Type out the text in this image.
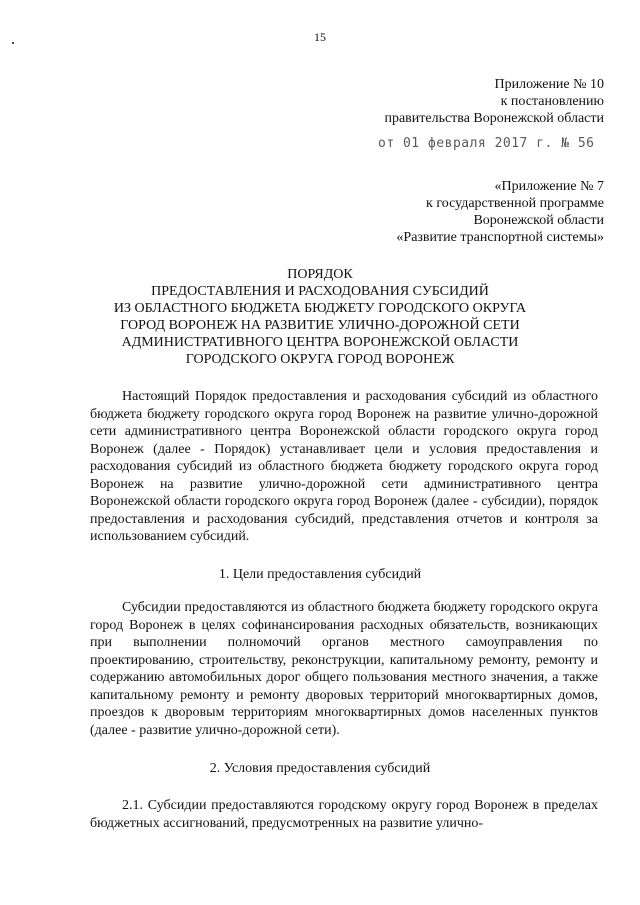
15
Приложение № 10
к постановлению
правительства Воронежской области
от 01 февраля 2017 г. № 56
«Приложение № 7
к государственной программе
Воронежской области
«Развитие транспортной системы»
ПОРЯДОК
ПРЕДОСТАВЛЕНИЯ И РАСХОДОВАНИЯ СУБСИДИЙ
ИЗ ОБЛАСТНОГО БЮДЖЕТА БЮДЖЕТУ ГОРОДСКОГО ОКРУГА
ГОРОД ВОРОНЕЖ НА РАЗВИТИЕ УЛИЧНО-ДОРОЖНОЙ СЕТИ
АДМИНИСТРАТИВНОГО ЦЕНТРА ВОРОНЕЖСКОЙ ОБЛАСТИ
ГОРОДСКОГО ОКРУГА ГОРОД ВОРОНЕЖ

Настоящий Порядок предоставления и расходования субсидий из областного бюджета бюджету городского округа город Воронеж на развитие улично-дорожной сети административного центра Воронежской области городского округа город Воронеж (далее - Порядок) устанавливает цели и условия предоставления и расходования субсидий из областного бюджета бюджету городского округа город Воронеж на развитие улично-дорожной сети административного центра Воронежской области городского округа город Воронеж (далее - субсидии), порядок предоставления и расходования субсидий, представления отчетов и контроля за использованием субсидий.

1. Цели предоставления субсидий

Субсидии предоставляются из областного бюджета бюджету городского округа город Воронеж в целях софинансирования расходных обязательств, возникающих при выполнении полномочий органов местного самоуправления по проектированию, строительству, реконструкции, капитальному ремонту, ремонту и содержанию автомобильных дорог общего пользования местного значения, а также капитальному ремонту и ремонту дворовых территорий многоквартирных домов, проездов к дворовым территориям многоквартирных домов населенных пунктов (далее - развитие улично-дорожной сети).

2. Условия предоставления субсидий

2.1. Субсидии предоставляются городскому округу город Воронеж в пределах бюджетных ассигнований, предусмотренных на развитие улично-
